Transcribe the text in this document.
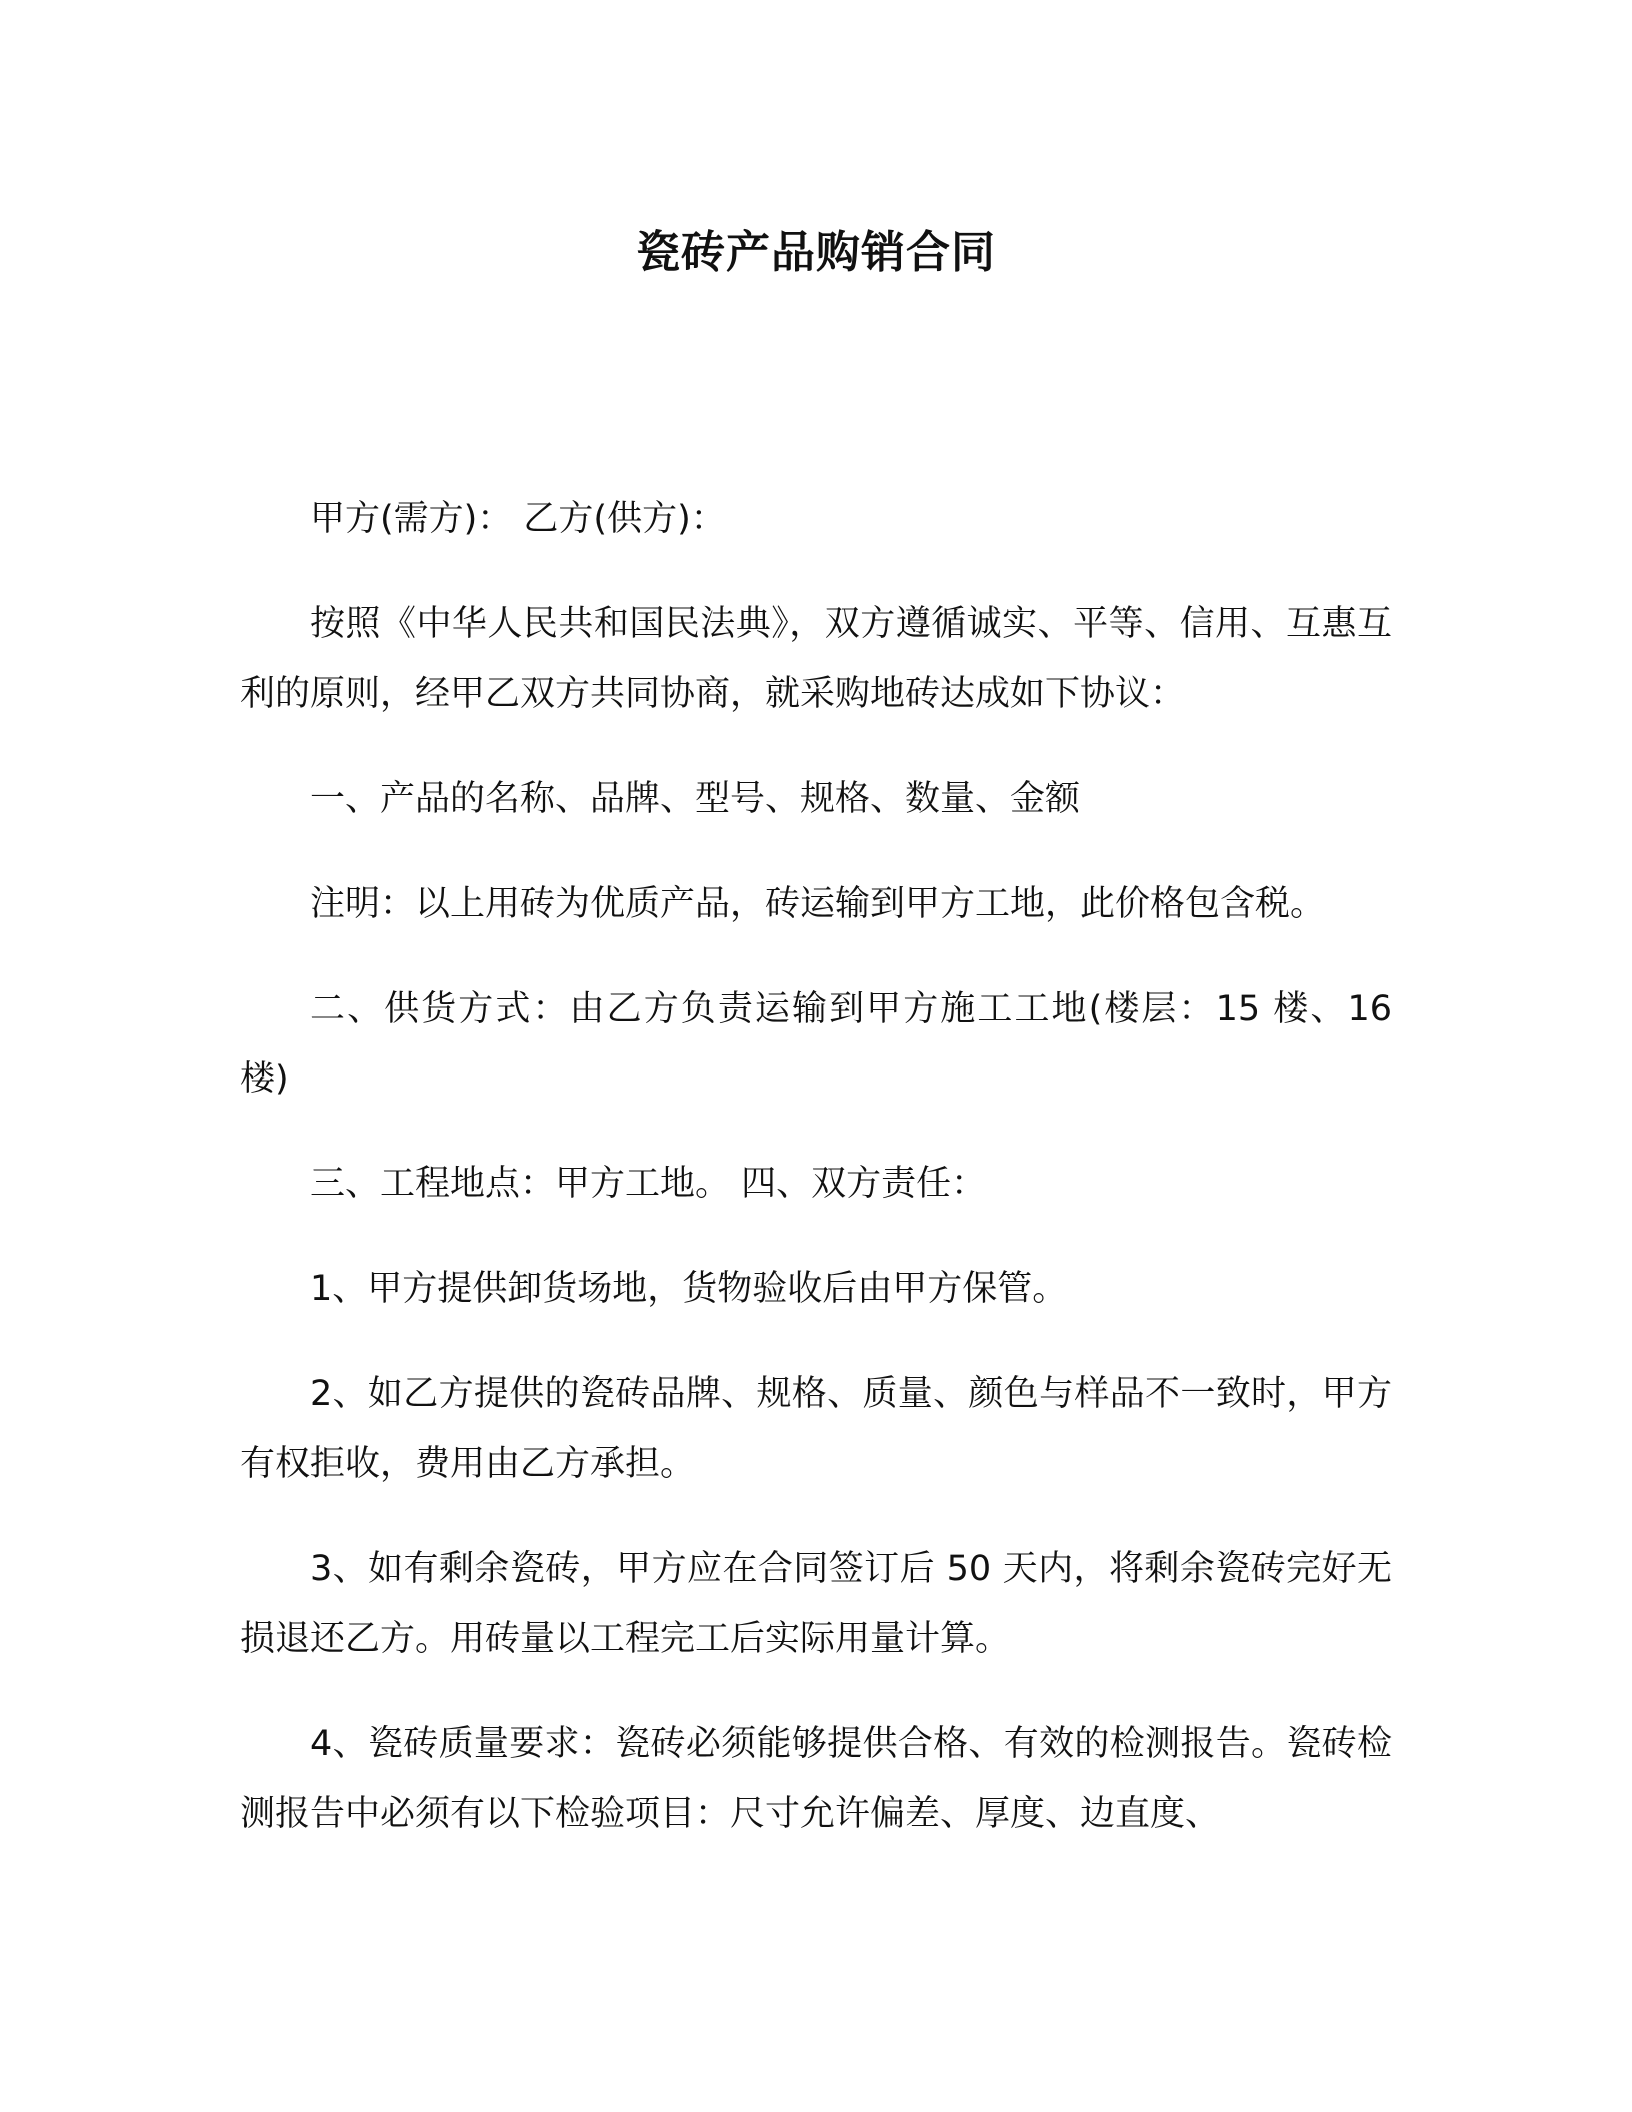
瓷砖产品购销合同

甲方(需方)： 乙方(供方)：

按照《中华人民共和国民法典》，双方遵循诚实、平等、信用、互惠互利的原则，经甲乙双方共同协商，就采购地砖达成如下协议：

一、产品的名称、品牌、型号、规格、数量、金额

注明：以上用砖为优质产品，砖运输到甲方工地，此价格包含税。

二、供货方式：由乙方负责运输到甲方施工工地(楼层：15 楼、16 楼)

三、工程地点：甲方工地。 四、双方责任：

1、甲方提供卸货场地，货物验收后由甲方保管。

2、如乙方提供的瓷砖品牌、规格、质量、颜色与样品不一致时，甲方有权拒收，费用由乙方承担。

3、如有剩余瓷砖，甲方应在合同签订后 50 天内，将剩余瓷砖完好无损退还乙方。用砖量以工程完工后实际用量计算。

4、瓷砖质量要求：瓷砖必须能够提供合格、有效的检测报告。瓷砖检测报告中必须有以下检验项目：尺寸允许偏差、厚度、边直度、
